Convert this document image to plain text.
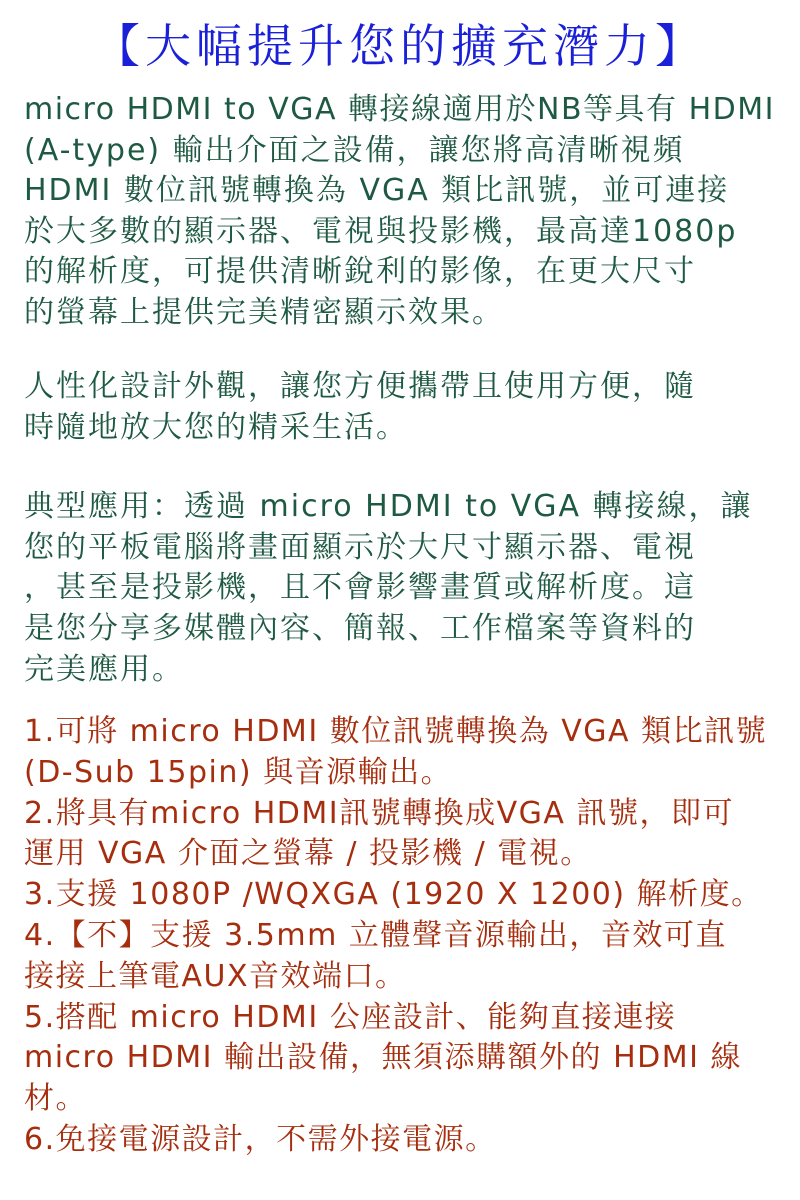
【大幅提升您的擴充潛力】
micro HDMI to VGA 轉接線適用於NB等具有 HDMI
(A-type) 輸出介面之設備，讓您將高清晰視頻
HDMI 數位訊號轉換為 VGA 類比訊號，並可連接
於大多數的顯示器、電視與投影機，最高達1080p
的解析度，可提供清晰銳利的影像，在更大尺寸
的螢幕上提供完美精密顯示效果。
人性化設計外觀，讓您方便攜帶且使用方便，隨
時隨地放大您的精采生活。
典型應用：透過 micro HDMI to VGA 轉接線，讓
您的平板電腦將畫面顯示於大尺寸顯示器、電視
，甚至是投影機，且不會影響畫質或解析度。這
是您分享多媒體內容、簡報、工作檔案等資料的
完美應用。
1.可將 micro HDMI 數位訊號轉換為 VGA 類比訊號
(D-Sub 15pin) 與音源輸出。
2.將具有micro HDMI訊號轉換成VGA 訊號，即可
運用 VGA 介面之螢幕 / 投影機 / 電視。
3.支援 1080P /WQXGA (1920 X 1200) 解析度。
4.【不】支援 3.5mm 立體聲音源輸出，音效可直
接接上筆電AUX音效端口。
5.搭配 micro HDMI 公座設計、能夠直接連接
micro HDMI 輸出設備，無須添購額外的 HDMI 線
材。
6.免接電源設計，不需外接電源。
